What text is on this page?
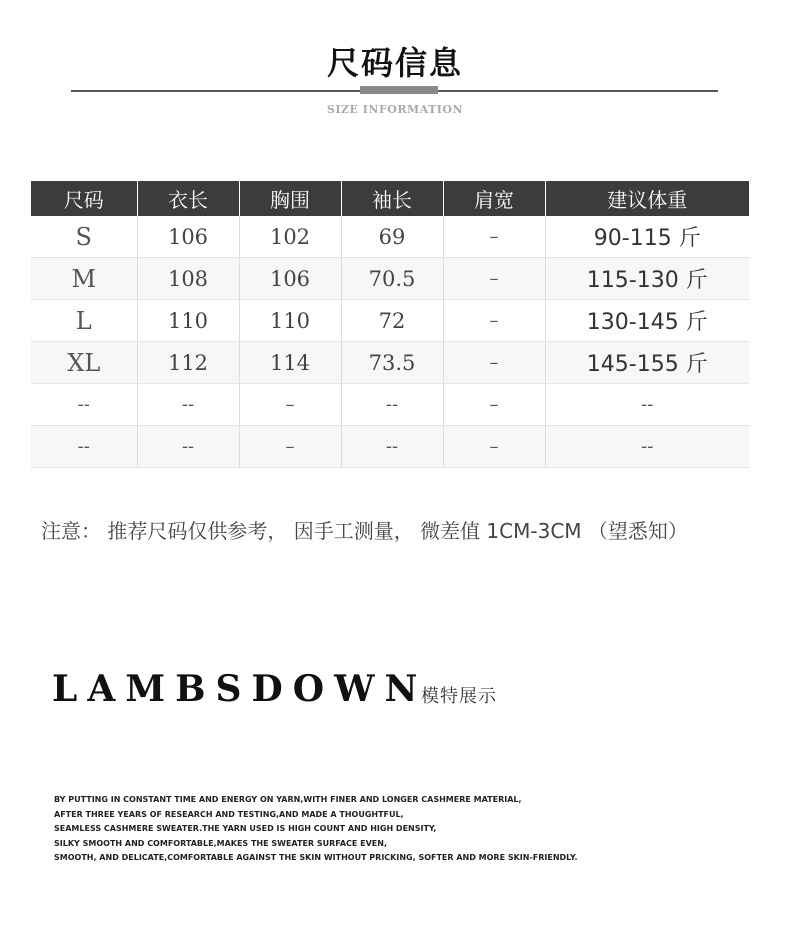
尺码信息
SIZE INFORMATION
尺码	衣长	胸围	袖长	肩宽	建议体重
S	106	102	69	–	90-115 斤
M	108	106	70.5	–	115-130 斤
L	110	110	72	–	130-145 斤
XL	112	114	73.5	–	145-155 斤
--	--	–	--	–	--
--	--	–	--	–	--
注意： 推荐尺码仅供参考， 因手工测量， 微差值 1CM-3CM （望悉知）
LAMBSDOWN
模特展示
BY PUTTING IN CONSTANT TIME AND ENERGY ON YARN,WITH FINER AND LONGER CASHMERE MATERIAL,
AFTER THREE YEARS OF RESEARCH AND TESTING,AND MADE A THOUGHTFUL,
SEAMLESS CASHMERE SWEATER.THE YARN USED IS HIGH COUNT AND HIGH DENSITY,
SILKY SMOOTH AND COMFORTABLE,MAKES THE SWEATER SURFACE EVEN,
SMOOTH, AND DELICATE,COMFORTABLE AGAINST THE SKIN WITHOUT PRICKING, SOFTER AND MORE SKIN-FRIENDLY.
